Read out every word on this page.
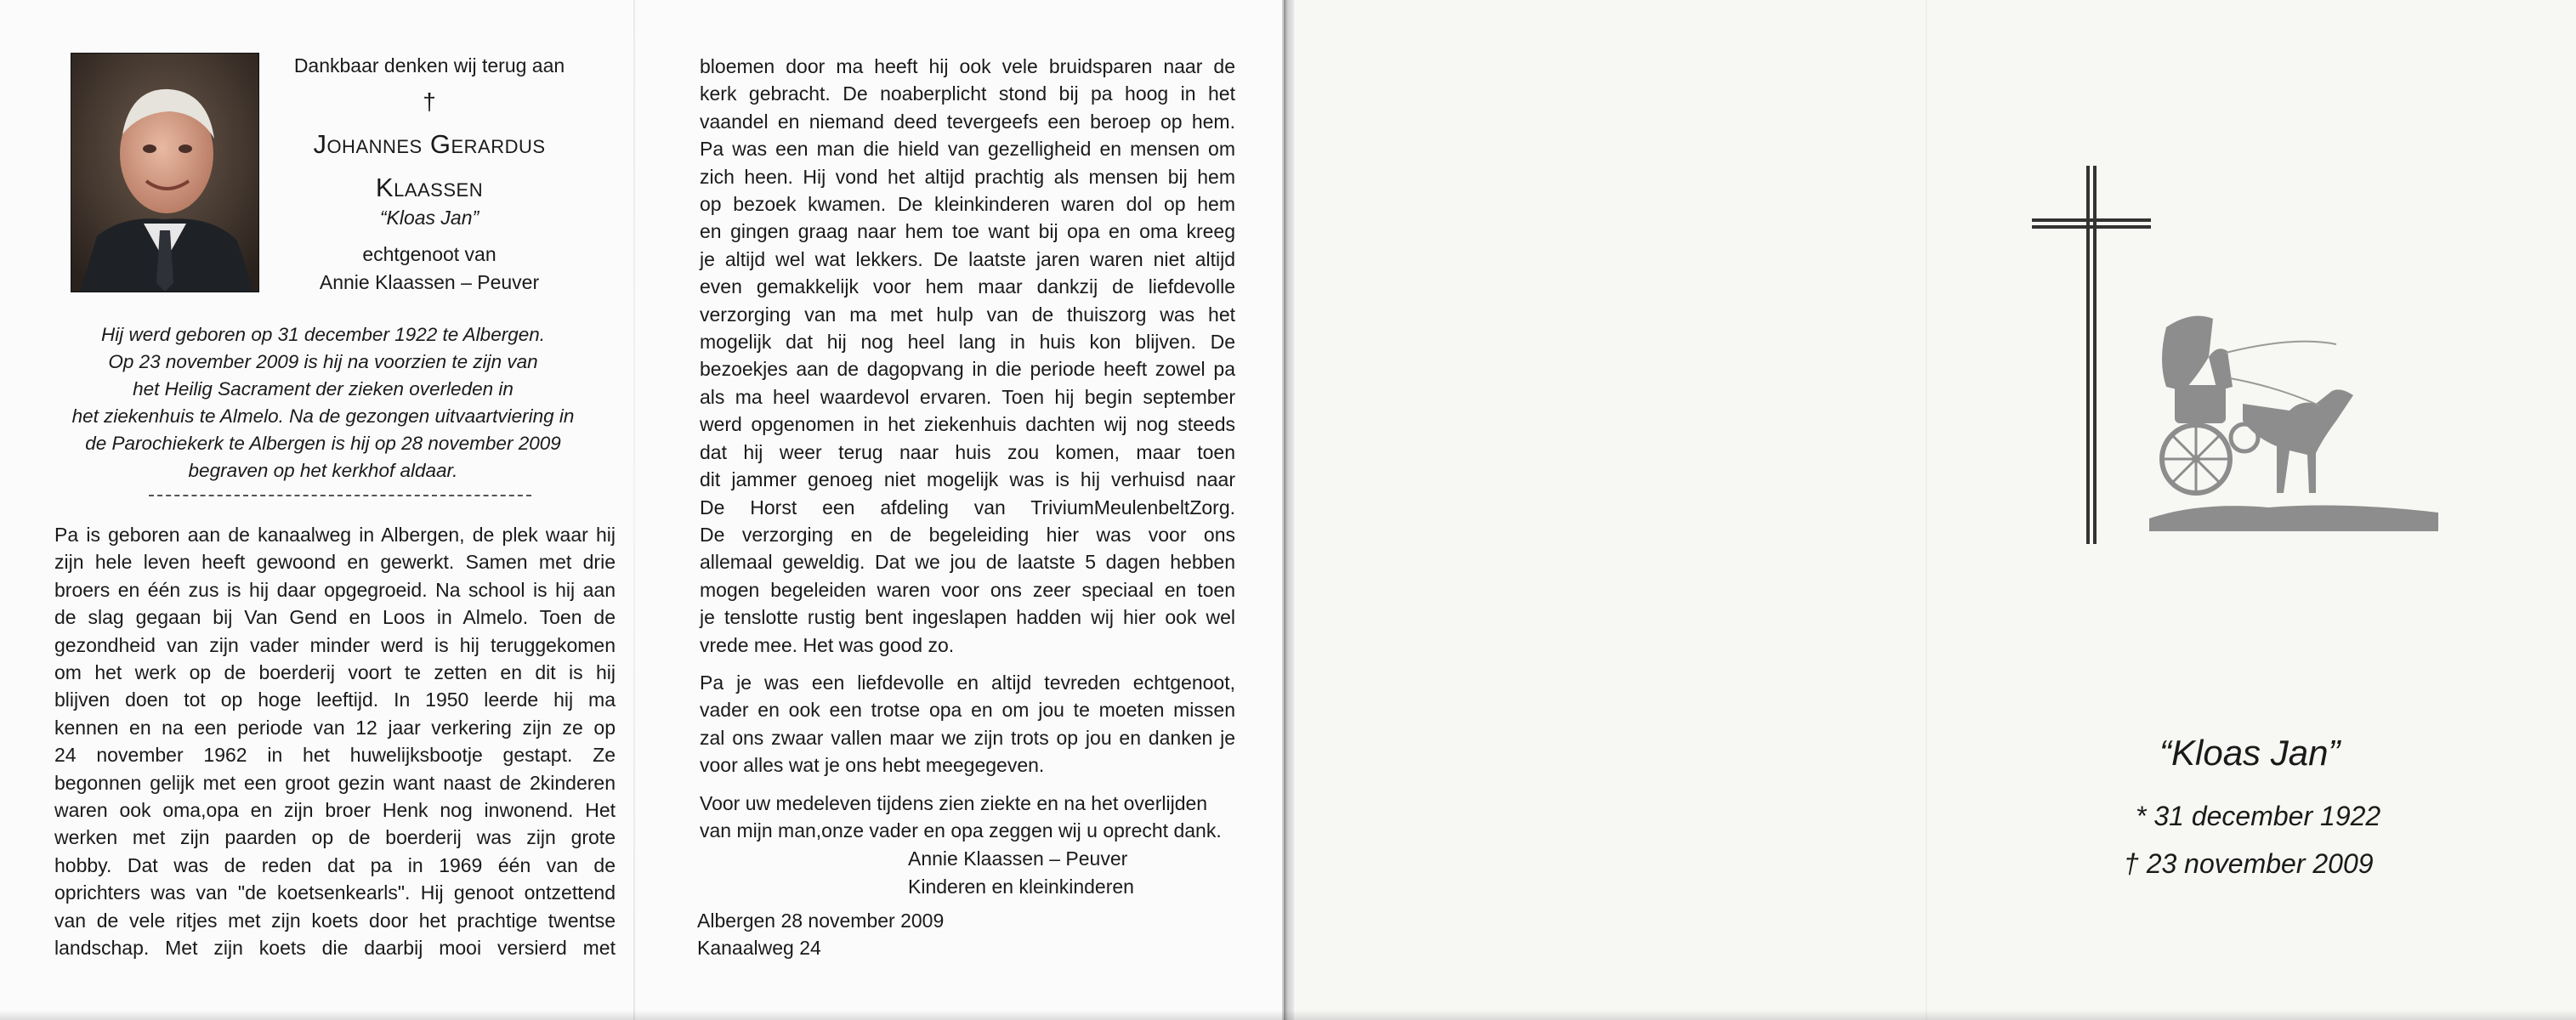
Dankbaar denken wij terug aan
†
Johannes Gerardus
Klaassen
“Kloas Jan”
echtgenoot van
Annie Klaassen – Peuver
Hij werd geboren op 31 december 1922 te Albergen.
Op 23 november 2009 is hij na voorzien te zijn van
het Heilig Sacrament der zieken overleden in
het ziekenhuis te Almelo. Na de gezongen uitvaartviering in
de Parochiekerk te Albergen is hij op 28 november 2009
begraven op het kerkhof aldaar.
Pa is geboren aan de kanaalweg in Albergen, de plek waar hij
zijn hele leven heeft gewoond en gewerkt. Samen met drie
broers en één zus is hij daar opgegroeid. Na school is hij aan
de slag gegaan bij Van Gend en Loos in Almelo. Toen de
gezondheid van zijn vader minder werd is hij teruggekomen
om het werk op de boerderij voort te zetten en dit is hij
blijven doen tot op hoge leeftijd. In 1950 leerde hij ma
kennen en na een periode van 12 jaar verkering zijn ze op
24 november 1962 in het huwelijksbootje gestapt. Ze
begonnen gelijk met een groot gezin want naast de 2kinderen
waren ook oma,opa en zijn broer Henk nog inwonend. Het
werken met zijn paarden op de boerderij was zijn grote
hobby. Dat was de reden dat pa in 1969 één van de
oprichters was van "de koetsenkearls". Hij genoot ontzettend
van de vele ritjes met zijn koets door het prachtige twentse
landschap. Met zijn koets die daarbij mooi versierd met
bloemen door ma heeft hij ook vele bruidsparen naar de
kerk gebracht. De noaberplicht stond bij pa hoog in het
vaandel en niemand deed tevergeefs een beroep op hem.
Pa was een man die hield van gezelligheid en mensen om
zich heen. Hij vond het altijd prachtig als mensen bij hem
op bezoek kwamen. De kleinkinderen waren dol op hem
en gingen graag naar hem toe want bij opa en oma kreeg
je altijd wel wat lekkers. De laatste jaren waren niet altijd
even gemakkelijk voor hem maar dankzij de liefdevolle
verzorging van ma met hulp van de thuiszorg was het
mogelijk dat hij nog heel lang in huis kon blijven. De
bezoekjes aan de dagopvang in die periode heeft zowel pa
als ma heel waardevol ervaren. Toen hij begin september
werd opgenomen in het ziekenhuis dachten wij nog steeds
dat hij weer terug naar huis zou komen, maar toen
dit jammer genoeg niet mogelijk was is hij verhuisd naar
De Horst een afdeling van TriviumMeulenbeltZorg.
De verzorging en de begeleiding hier was voor ons
allemaal geweldig. Dat we jou de laatste 5 dagen hebben
mogen begeleiden waren voor ons zeer speciaal en toen
je tenslotte rustig bent ingeslapen hadden wij hier ook wel
vrede mee. Het was good zo.
Pa je was een liefdevolle en altijd tevreden echtgenoot,
vader en ook een trotse opa en om jou te moeten missen
zal ons zwaar vallen maar we zijn trots op jou en danken je
voor alles wat je ons hebt meegegeven.
Voor uw medeleven tijdens zien ziekte en na het overlijden
van mijn man,onze vader en opa zeggen wij u oprecht dank.
Annie Klaassen – Peuver
Kinderen en kleinkinderen
Albergen 28 november 2009
Kanaalweg 24
“Kloas Jan”
* 31 december 1922
† 23 november 2009
